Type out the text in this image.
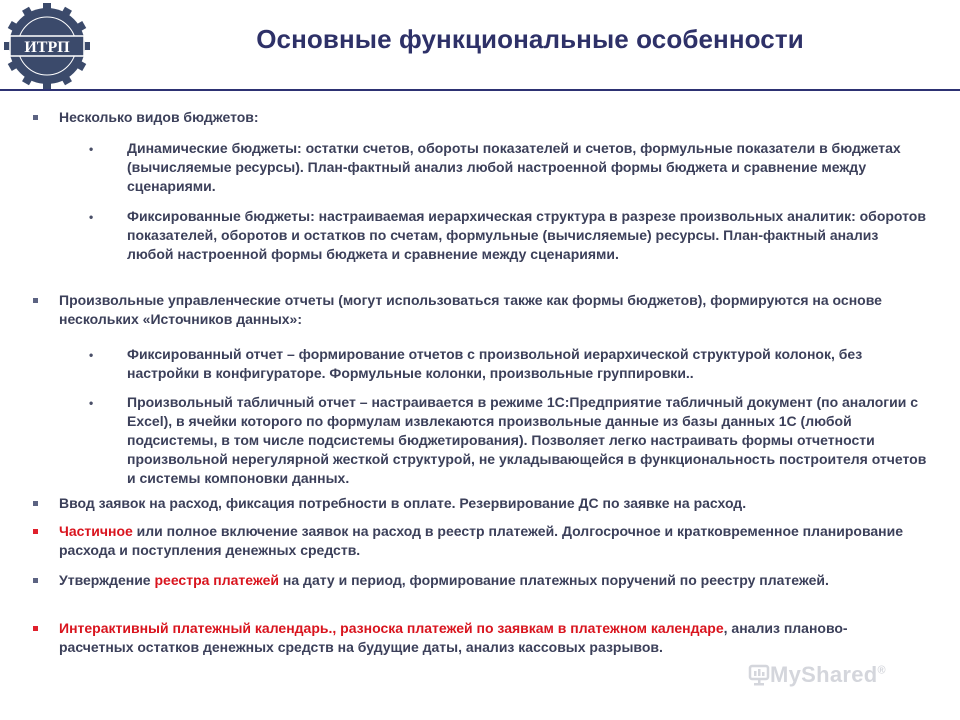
ИТРП	Основные функциональные особенности

Несколько видов бюджетов:

• Динамические бюджеты: остатки счетов, обороты показателей и счетов, формульные показатели в бюджетах (вычисляемые ресурсы). План-фактный анализ любой настроенной формы бюджета и сравнение между сценариями.

• Фиксированные бюджеты: настраиваемая иерархическая структура в разрезе произвольных аналитик: оборотов показателей, оборотов и остатков по счетам, формульные (вычисляемые) ресурсы. План-фактный анализ любой настроенной формы бюджета и сравнение между сценариями.

Произвольные управленческие отчеты (могут использоваться также как формы бюджетов), формируются на основе нескольких «Источников данных»:

• Фиксированный отчет – формирование отчетов с произвольной иерархической структурой колонок, без настройки в конфигураторе. Формульные колонки, произвольные группировки..

• Произвольный табличный отчет – настраивается в режиме 1С:Предприятие табличный документ (по аналогии с Excel), в ячейки которого по формулам извлекаются произвольные данные из базы данных 1С (любой подсистемы, в том числе подсистемы бюджетирования). Позволяет легко настраивать формы отчетности произвольной нерегулярной жесткой структурой, не укладывающейся в функциональность построителя отчетов и системы компоновки данных.

Ввод заявок на расход, фиксация потребности в оплате. Резервирование ДС по заявке на расход.

Частичное или полное включение заявок на расход в реестр платежей. Долгосрочное и кратковременное планирование расхода и поступления денежных средств.

Утверждение реестра платежей на дату и период, формирование платежных поручений по реестру платежей.

Интерактивный платежный календарь., разноска платежей по заявкам в платежном календаре, анализ планово-расчетных остатков денежных средств на будущие даты, анализ кассовых разрывов.

MyShared®
